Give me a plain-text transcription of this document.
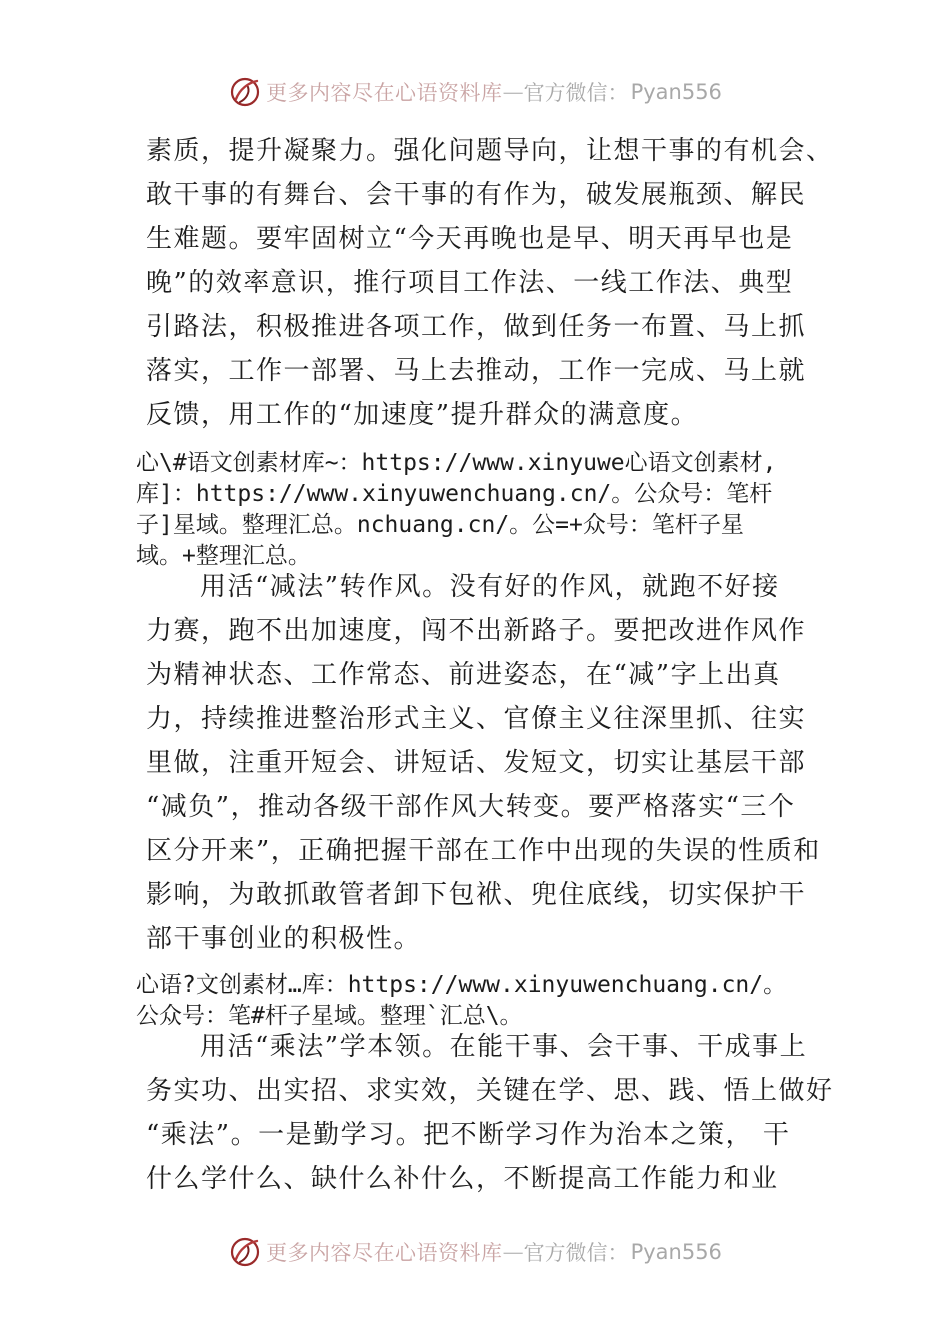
更多内容尽在心语资料库 — 官方微信： Pyan556
素质，提升凝聚力。强化问题导向，让想干事的有机会、
敢干事的有舞台、会干事的有作为，破发展瓶颈、解民
生难题。要牢固树立“今天再晚也是早、明天再早也是
晚”的效率意识，推行项目工作法、一线工作法、典型
引路法，积极推进各项工作，做到任务一布置、马上抓
落实，工作一部署、马上去推动，工作一完成、马上就
反馈，用工作的“加速度”提升群众的满意度。
心\#语文创素材库~：https://www.xinyuwe心语文创素材,
库]：https://www.xinyuwenchuang.cn/。公众号：笔杆
子]星域。整理汇总。nchuang.cn/。公=+众号：笔杆子星
域。+整理汇总。
用活“减法”转作风。没有好的作风，就跑不好接
力赛，跑不出加速度，闯不出新路子。要把改进作风作
为精神状态、工作常态、前进姿态，在“减”字上出真
力，持续推进整治形式主义、官僚主义往深里抓、往实
里做，注重开短会、讲短话、发短文，切实让基层干部
“减负”，推动各级干部作风大转变。要严格落实“三个
区分开来”，正确把握干部在工作中出现的失误的性质和
影响，为敢抓敢管者卸下包袱、兜住底线，切实保护干
部干事创业的积极性。
心语?文创素材…库：https://www.xinyuwenchuang.cn/。
公众号：笔#杆子星域。整理`汇总\。
用活“乘法”学本领。在能干事、会干事、干成事上
务实功、出实招、求实效，关键在学、思、践、悟上做好
“乘法”。一是勤学习。把不断学习作为治本之策， 干
什么学什么、缺什么补什么，不断提高工作能力和业
更多内容尽在心语资料库 — 官方微信： Pyan556
